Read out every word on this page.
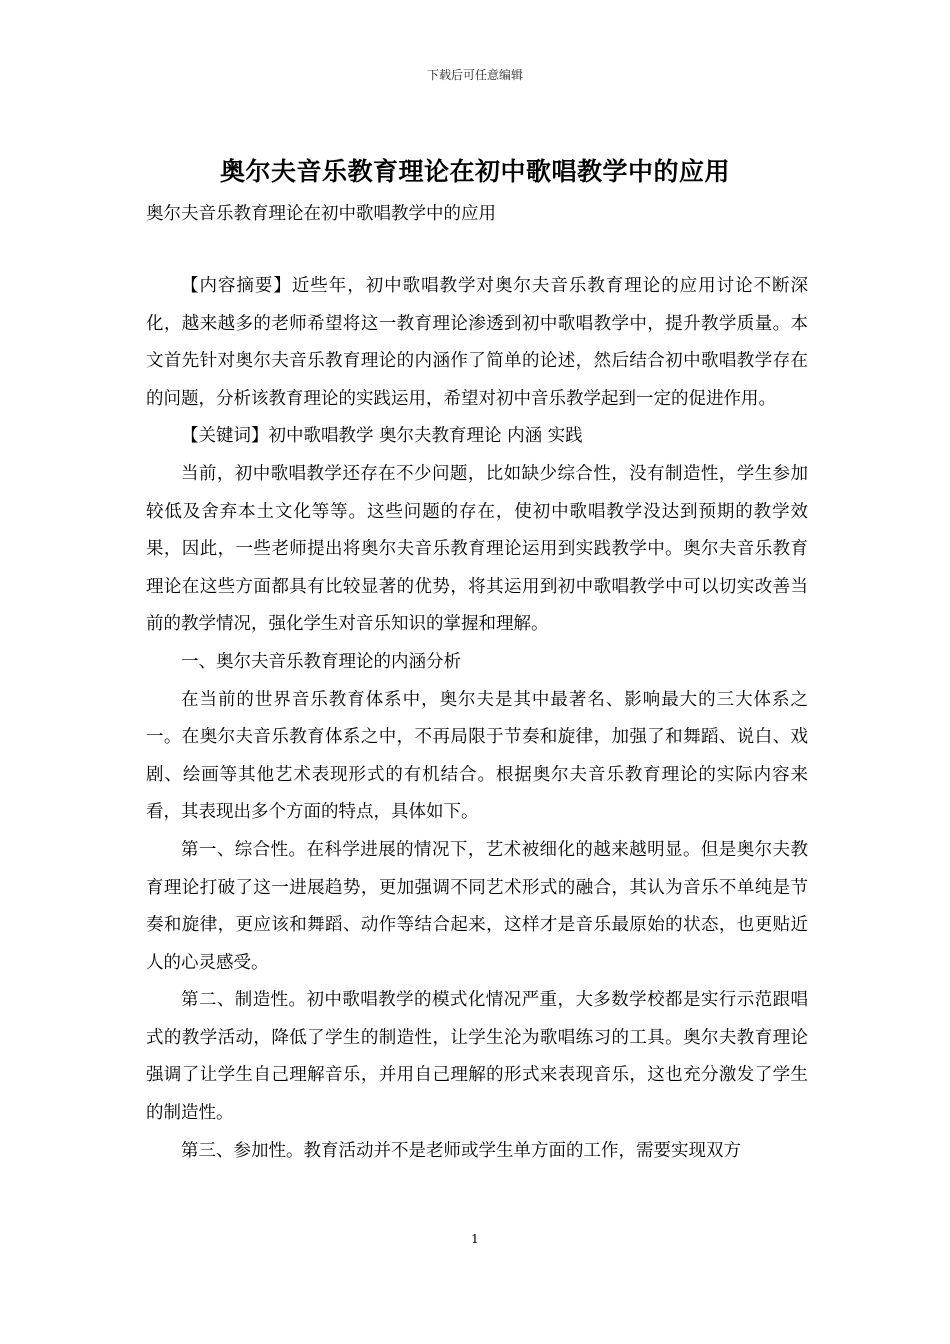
下载后可任意编辑
奥尔夫音乐教育理论在初中歌唱教学中的应用
奥尔夫音乐教育理论在初中歌唱教学中的应用

【内容摘要】近些年，初中歌唱教学对奥尔夫音乐教育理论的应用讨论不断深化，越来越多的老师希望将这一教育理论渗透到初中歌唱教学中，提升教学质量。本文首先针对奥尔夫音乐教育理论的内涵作了简单的论述，然后结合初中歌唱教学存在的问题，分析该教育理论的实践运用，希望对初中音乐教学起到一定的促进作用。

【关键词】初中歌唱教学 奥尔夫教育理论 内涵 实践

当前，初中歌唱教学还存在不少问题，比如缺少综合性，没有制造性，学生参加较低及舍弃本土文化等等。这些问题的存在，使初中歌唱教学没达到预期的教学效果，因此，一些老师提出将奥尔夫音乐教育理论运用到实践教学中。奥尔夫音乐教育理论在这些方面都具有比较显著的优势，将其运用到初中歌唱教学中可以切实改善当前的教学情况，强化学生对音乐知识的掌握和理解。

一、奥尔夫音乐教育理论的内涵分析

在当前的世界音乐教育体系中，奥尔夫是其中最著名、影响最大的三大体系之一。在奥尔夫音乐教育体系之中，不再局限于节奏和旋律，加强了和舞蹈、说白、戏剧、绘画等其他艺术表现形式的有机结合。根据奥尔夫音乐教育理论的实际内容来看，其表现出多个方面的特点，具体如下。

第一、综合性。在科学进展的情况下，艺术被细化的越来越明显。但是奥尔夫教育理论打破了这一进展趋势，更加强调不同艺术形式的融合，其认为音乐不单纯是节奏和旋律，更应该和舞蹈、动作等结合起来，这样才是音乐最原始的状态，也更贴近人的心灵感受。

第二、制造性。初中歌唱教学的模式化情况严重，大多数学校都是实行示范跟唱式的教学活动，降低了学生的制造性，让学生沦为歌唱练习的工具。奥尔夫教育理论强调了让学生自己理解音乐，并用自己理解的形式来表现音乐，这也充分激发了学生的制造性。

第三、参加性。教育活动并不是老师或学生单方面的工作，需要实现双方

1
